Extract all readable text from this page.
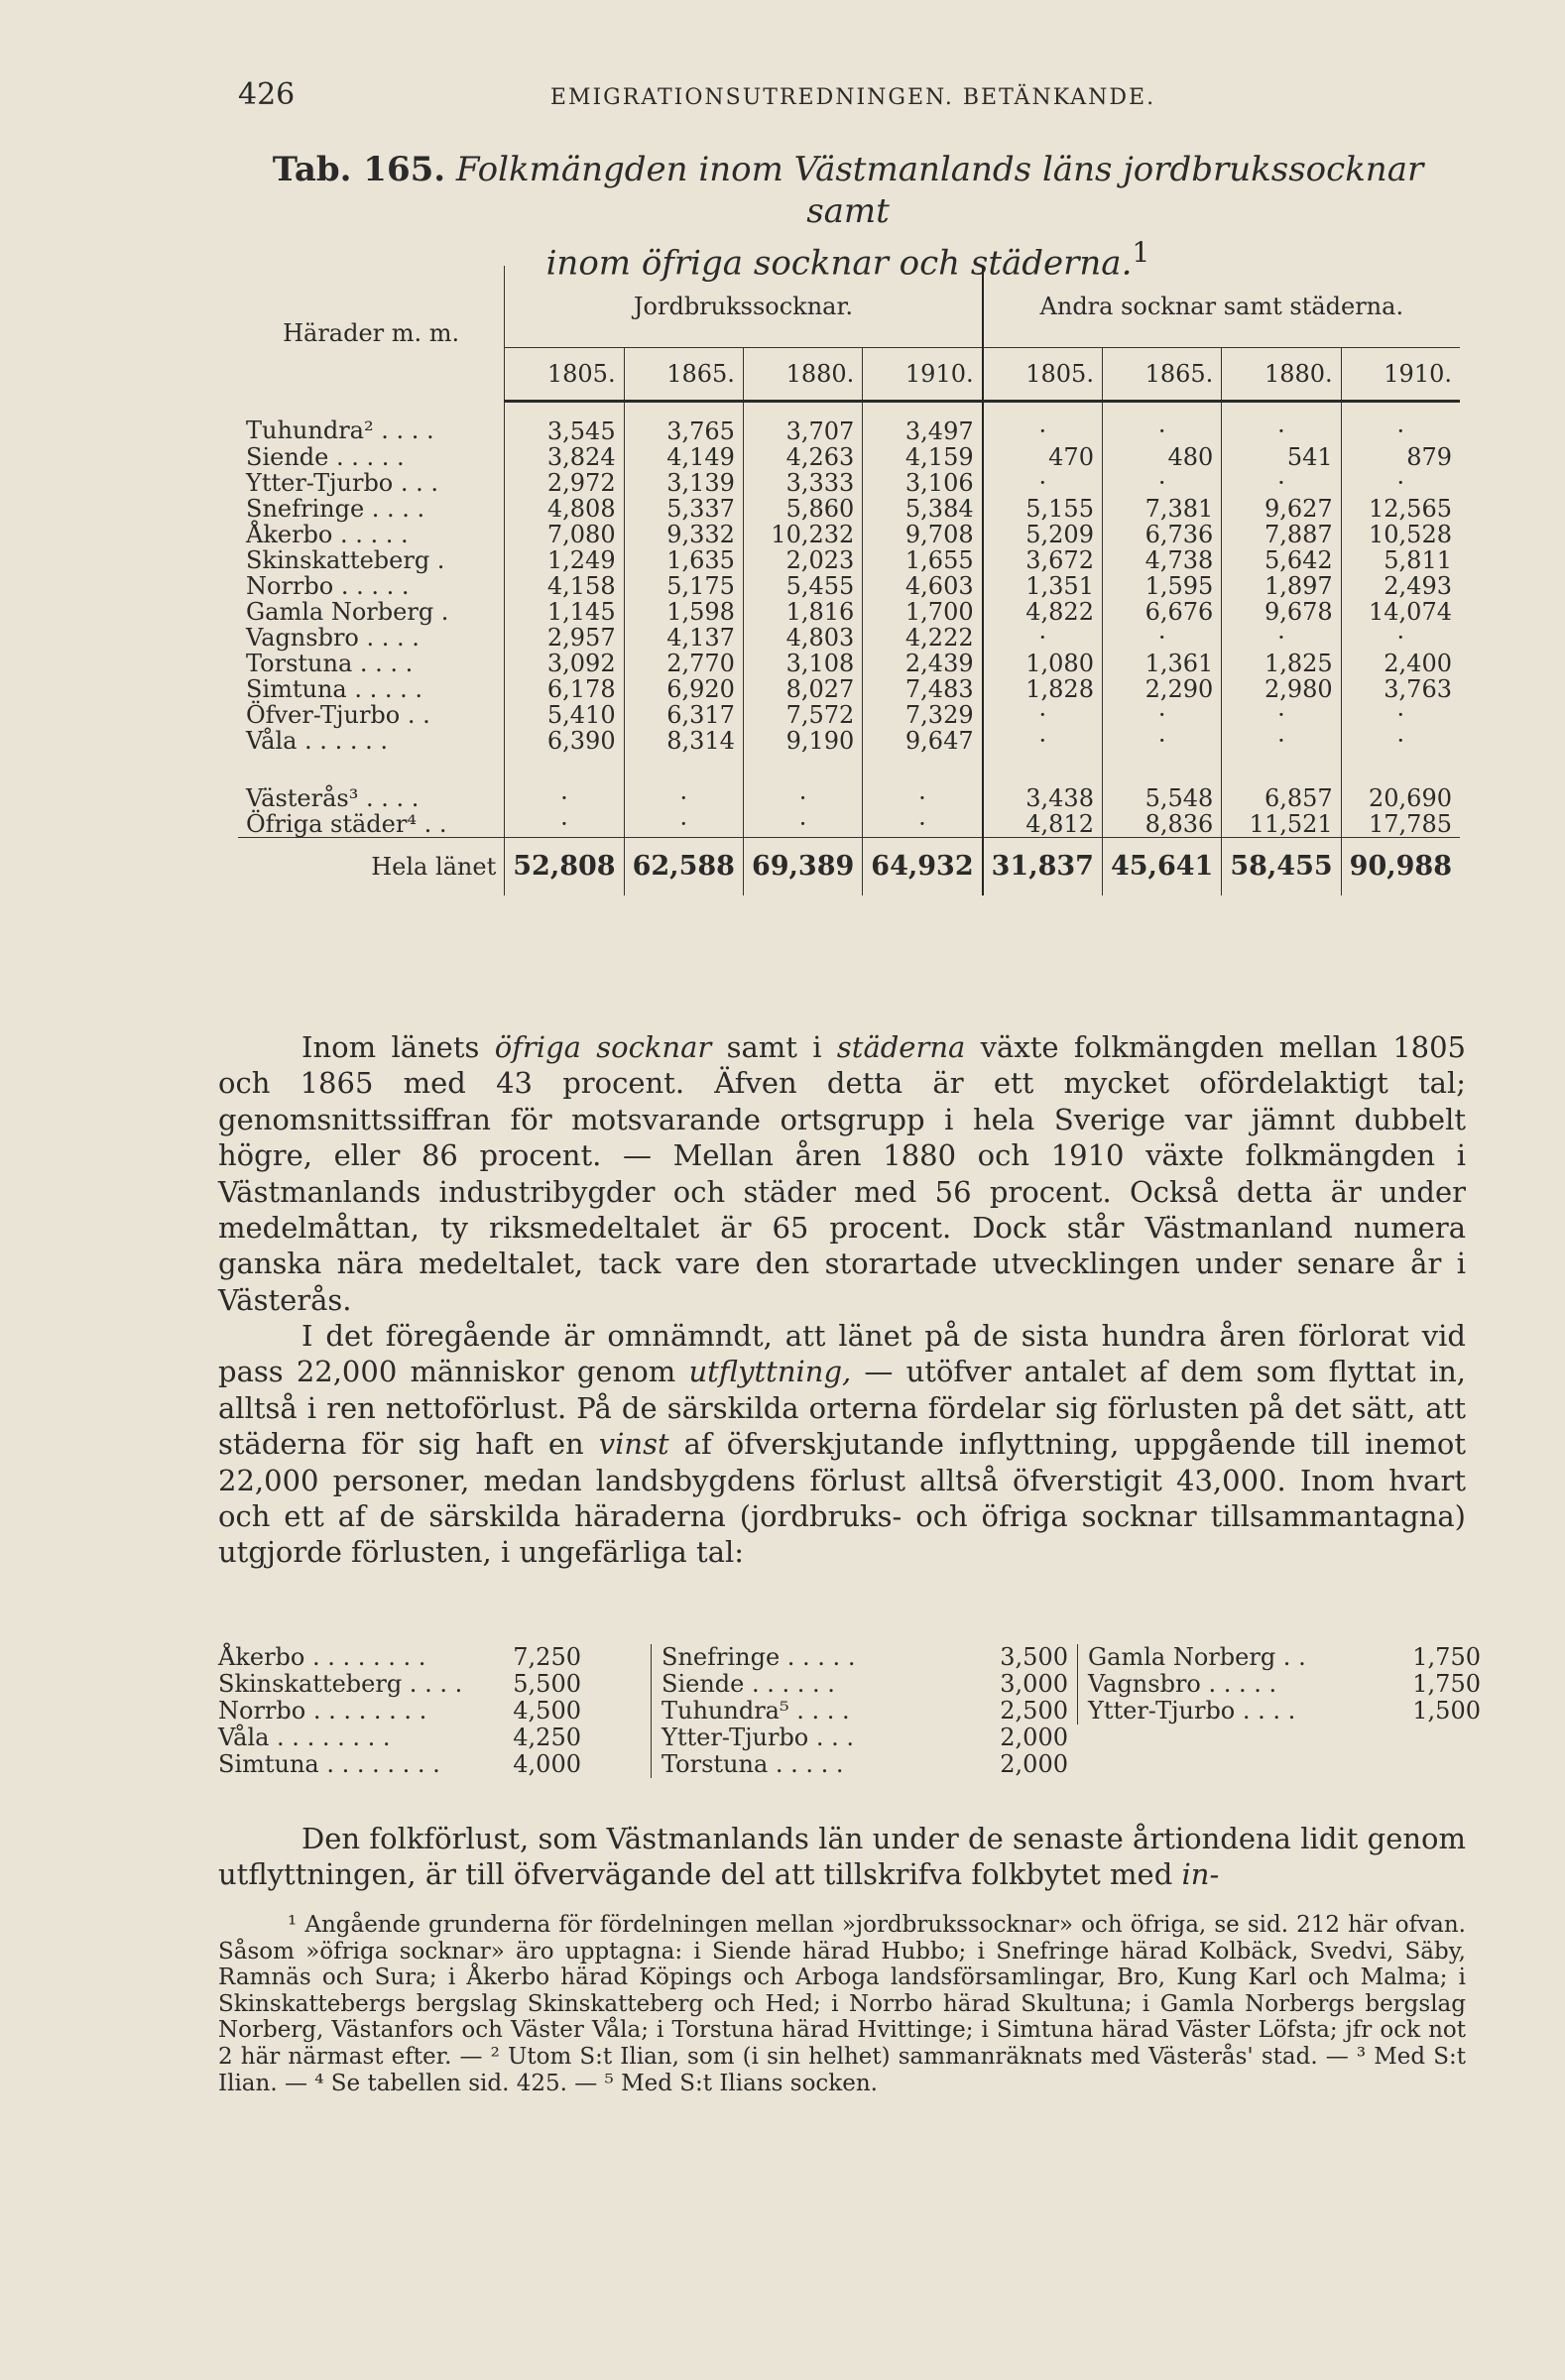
426	EMIGRATIONSUTREDNINGEN. BETÄNKANDE.
Tab. 165. Folkmängden inom Västmanlands läns jordbrukssocknar samt
inom öfriga socknar och städerna.$^1$
Härader m. m.	Jordbrukssocknar.				Andra socknar samt städerna.			
	1805.	1865.	1880.	1910.	1805.	1865.	1880.	1910.
Tuhundra² . . . .	3,545	3,765	3,707	3,497	·	·	·	·
Siende . . . . .	3,824	4,149	4,263	4,159	470	480	541	879
Ytter-Tjurbo . . .	2,972	3,139	3,333	3,106	·	·	·	·
Snefringe . . . .	4,808	5,337	5,860	5,384	5,155	7,381	9,627	12,565
Åkerbo . . . . .	7,080	9,332	10,232	9,708	5,209	6,736	7,887	10,528
Skinskatteberg .	1,249	1,635	2,023	1,655	3,672	4,738	5,642	5,811
Norrbo . . . . .	4,158	5,175	5,455	4,603	1,351	1,595	1,897	2,493
Gamla Norberg .	1,145	1,598	1,816	1,700	4,822	6,676	9,678	14,074
Vagnsbro . . . .	2,957	4,137	4,803	4,222	·	·	·	·
Torstuna . . . .	3,092	2,770	3,108	2,439	1,080	1,361	1,825	2,400
Simtuna . . . . .	6,178	6,920	8,027	7,483	1,828	2,290	2,980	3,763
Öfver-Tjurbo . .	5,410	6,317	7,572	7,329	·	·	·	·
Våla . . . . . .	6,390	8,314	9,190	9,647	·	·	·	·

Västerås³ . . . .	·	·	·	·	3,438	5,548	6,857	20,690
Öfriga städer⁴ . .	·	·	·	·	4,812	8,836	11,521	17,785
Hela länet	52,808	62,588	69,389	64,932	31,837	45,641	58,455	90,988

Inom länets öfriga socknar samt i städerna växte folkmängden mellan 1805 och 1865 med 43 procent. Äfven detta är ett mycket ofördelaktigt tal; genomsnittssiffran för motsvarande ortsgrupp i hela Sverige var jämnt dubbelt högre, eller 86 procent. — Mellan åren 1880 och 1910 växte folkmängden i Västmanlands industribygder och städer med 56 procent. Också detta är under medelmåttan, ty riksmedeltalet är 65 procent. Dock står Västmanland numera ganska nära medeltalet, tack vare den storartade utvecklingen under senare år i Västerås.

I det föregående är omnämndt, att länet på de sista hundra åren förlorat vid pass 22,000 människor genom utflyttning, — utöfver antalet af dem som flyttat in, alltså i ren nettoförlust. På de särskilda orterna fördelar sig förlusten på det sätt, att städerna för sig haft en vinst af öfverskjutande inflyttning, uppgående till inemot 22,000 personer, medan landsbygdens förlust alltså öfverstigit 43,000. Inom hvart och ett af de särskilda häraderna (jordbruks- och öfriga socknar tillsammantagna) utgjorde förlusten, i ungefärliga tal:

Åkerbo . . . . . . . .	7,250
Skinskatteberg . . . . 5,500
Norrbo . . . . . . . .	4,500
Våla . . . . . . . .	4,250
Simtuna . . . . . . . .	4,000
Snefringe . . . . .	3,500
Siende . . . . . .	3,000
Tuhundra⁵ . . . .	2,500
Ytter-Tjurbo . . .	2,000
Torstuna . . . . .	2,000
Gamla Norberg . .	1,750
Vagnsbro . . . . .	1,750
Ytter-Tjurbo . . . .	1,500

Den folkförlust, som Västmanlands län under de senaste årtiondena lidit genom utflyttningen, är till öfvervägande del att tillskrifva folkbytet med in-

¹ Angående grunderna för fördelningen mellan »jordbrukssocknar» och öfriga, se sid. 212 här ofvan. Såsom »öfriga socknar» äro upptagna: i Siende härad Hubbo; i Snefringe härad Kolbäck, Svedvi, Säby, Ramnäs och Sura; i Åkerbo härad Köpings och Arboga landsförsamlingar, Bro, Kung Karl och Malma; i Skinskattebergs bergslag Skinskatteberg och Hed; i Norrbo härad Skultuna; i Gamla Norbergs bergslag Norberg, Västanfors och Väster Våla; i Torstuna härad Hvittinge; i Simtuna härad Väster Löfsta; jfr ock not 2 här närmast efter. — ² Utom S:t Ilian, som (i sin helhet) sammanräknats med Västerås' stad. — ³ Med S:t Ilian. — ⁴ Se tabellen sid. 425. — ⁵ Med S:t Ilians socken.
